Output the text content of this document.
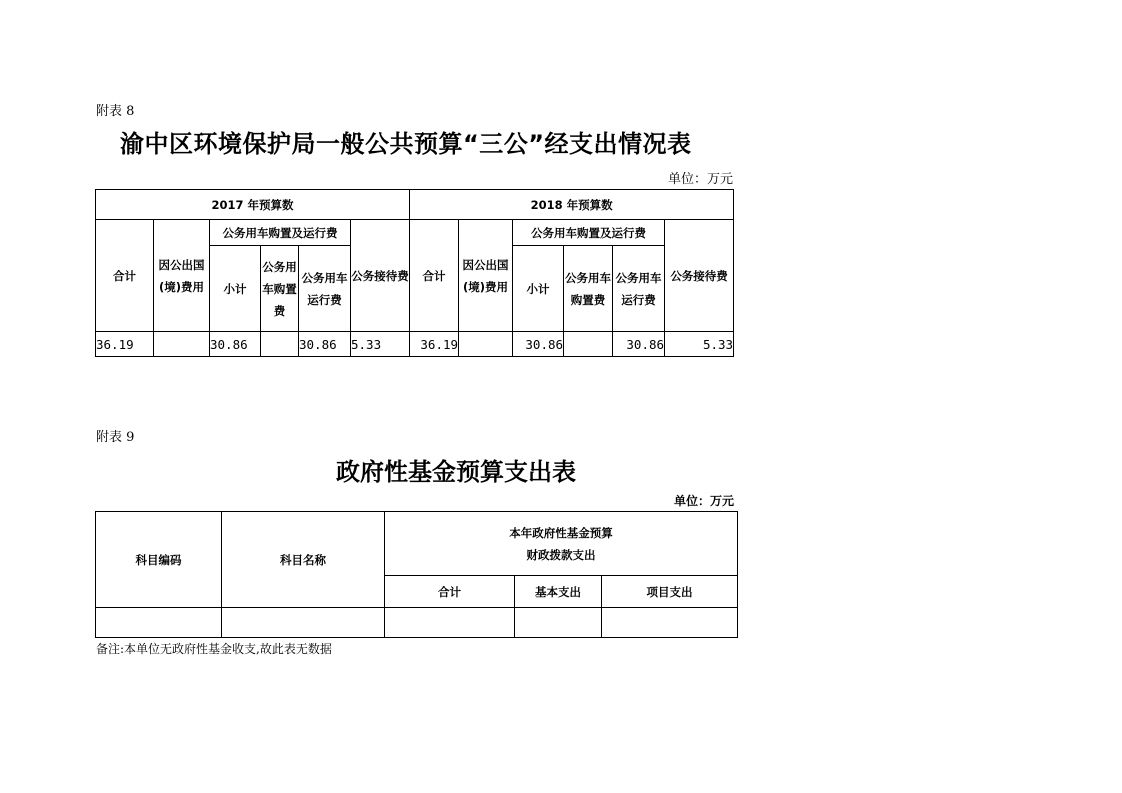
附表 8
渝中区环境保护局一般公共预算“三公”经支出情况表
单位：万元
2017 年预算数						2018 年预算数					
合计	因公出国(境)费用	公务用车购置及运行费			公务接待费	合计	因公出国(境)费用	公务用车购置及运行费			公务接待费
		小计	公务用车购置费	公务用车运行费				小计	公务用车购置费	公务用车运行费	
36.19		30.86		30.86	5.33	36.19		30.86		30.86	5.33
附表 9
政府性基金预算支出表
单位：万元
科目编码	科目名称	本年政府性基金预算财政拨款支出		

		合计	基本支出	项目支出

备注:本单位无政府性基金收支,故此表无数据
